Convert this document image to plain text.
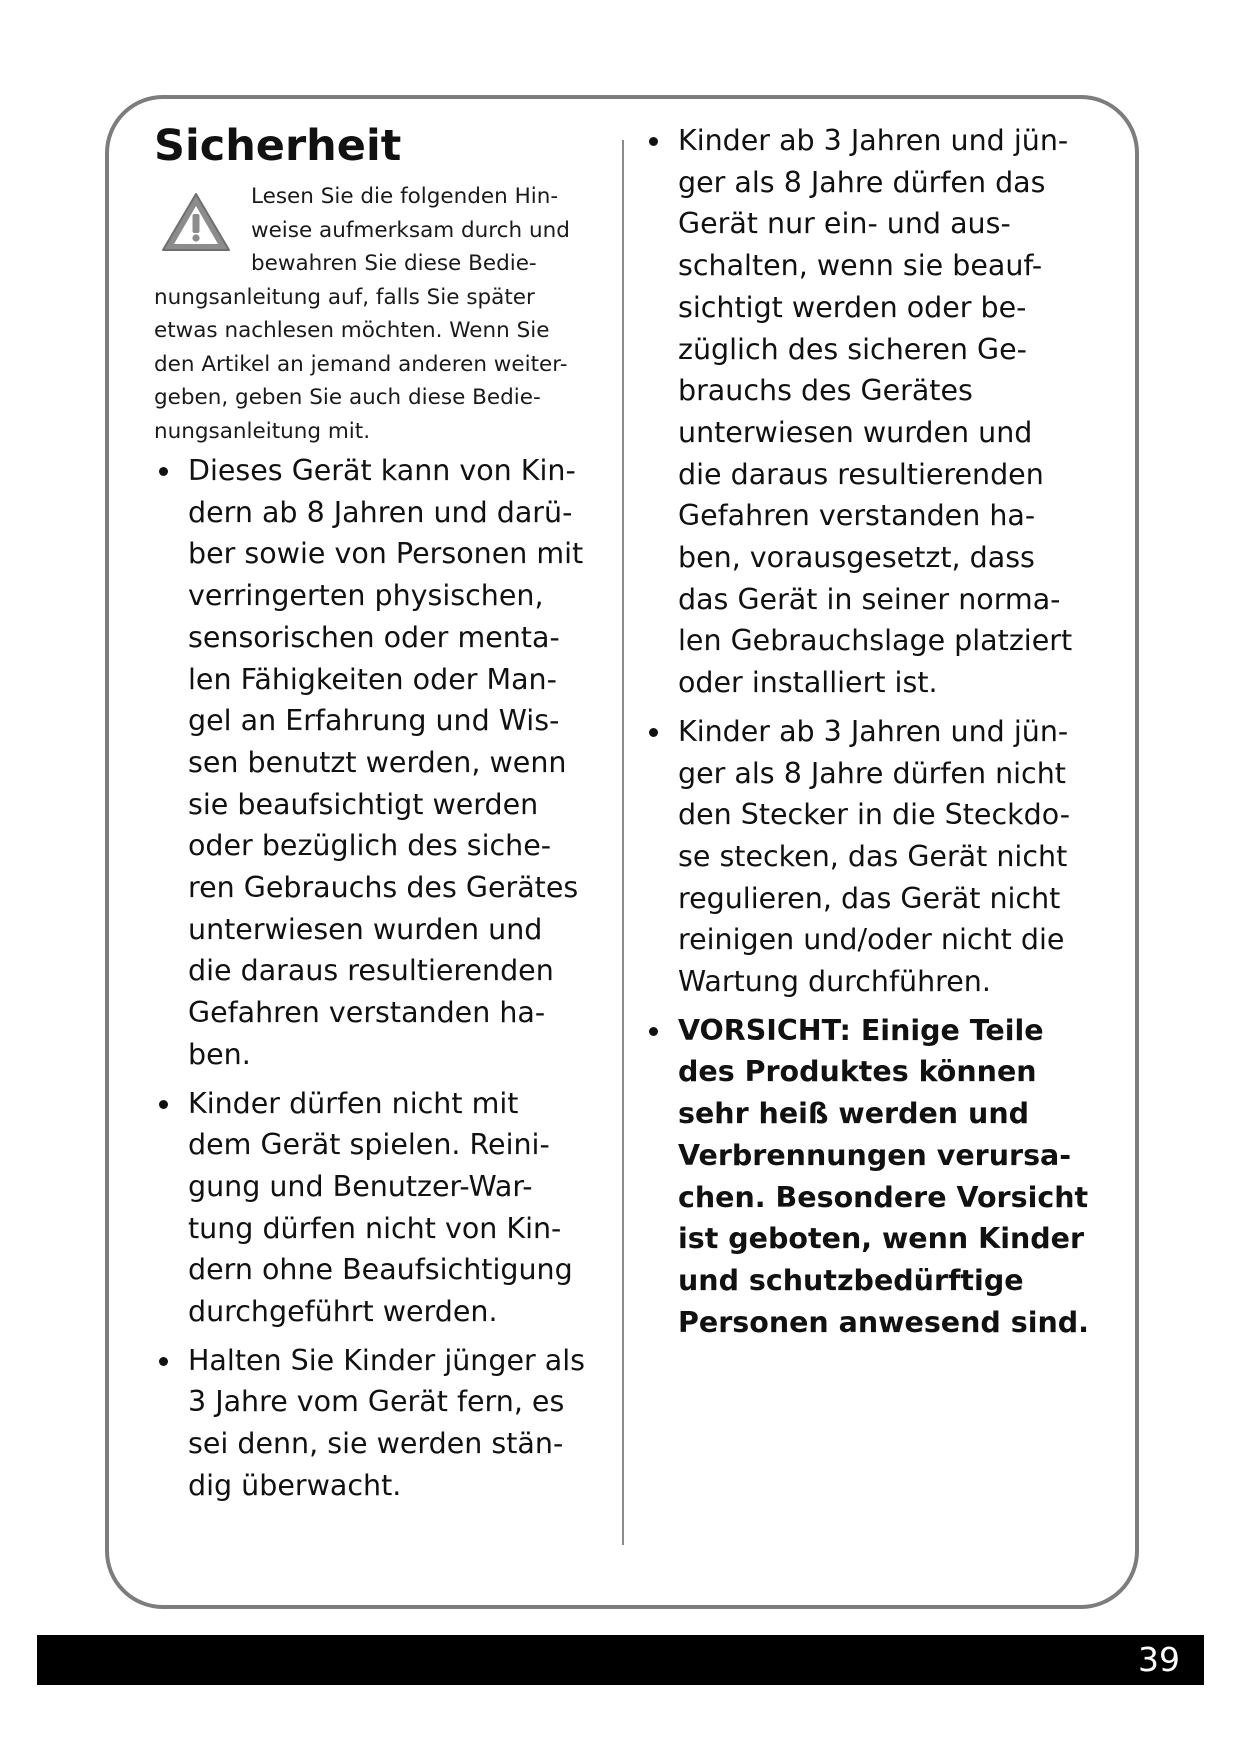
Sicherheit

Lesen Sie die folgenden Hin-
weise aufmerksam durch und
bewahren Sie diese Bedie-
nungsanleitung auf, falls Sie später
etwas nachlesen möchten. Wenn Sie
den Artikel an jemand anderen weiter-
geben, geben Sie auch diese Bedie-
nungsanleitung mit.

Dieses Gerät kann von Kin-
dern ab 8 Jahren und darü-
ber sowie von Personen mit
verringerten physischen,
sensorischen oder menta-
len Fähigkeiten oder Man-
gel an Erfahrung und Wis-
sen benutzt werden, wenn
sie beaufsichtigt werden
oder bezüglich des siche-
ren Gebrauchs des Gerätes
unterwiesen wurden und
die daraus resultierenden
Gefahren verstanden ha-
ben.
Kinder dürfen nicht mit
dem Gerät spielen. Reini-
gung und Benutzer-War-
tung dürfen nicht von Kin-
dern ohne Beaufsichtigung
durchgeführt werden.
Halten Sie Kinder jünger als
3 Jahre vom Gerät fern, es
sei denn, sie werden stän-
dig überwacht.
Kinder ab 3 Jahren und jün-
ger als 8 Jahre dürfen das
Gerät nur ein- und aus-
schalten, wenn sie beauf-
sichtigt werden oder be-
züglich des sicheren Ge-
brauchs des Gerätes
unterwiesen wurden und
die daraus resultierenden
Gefahren verstanden ha-
ben, vorausgesetzt, dass
das Gerät in seiner norma-
len Gebrauchslage platziert
oder installiert ist.
Kinder ab 3 Jahren und jün-
ger als 8 Jahre dürfen nicht
den Stecker in die Steckdo-
se stecken, das Gerät nicht
regulieren, das Gerät nicht
reinigen und/oder nicht die
Wartung durchführen.
VORSICHT: Einige Teile
des Produktes können
sehr heiß werden und
Verbrennungen verursa-
chen. Besondere Vorsicht
ist geboten, wenn Kinder
und schutzbedürftige
Personen anwesend sind.
39
